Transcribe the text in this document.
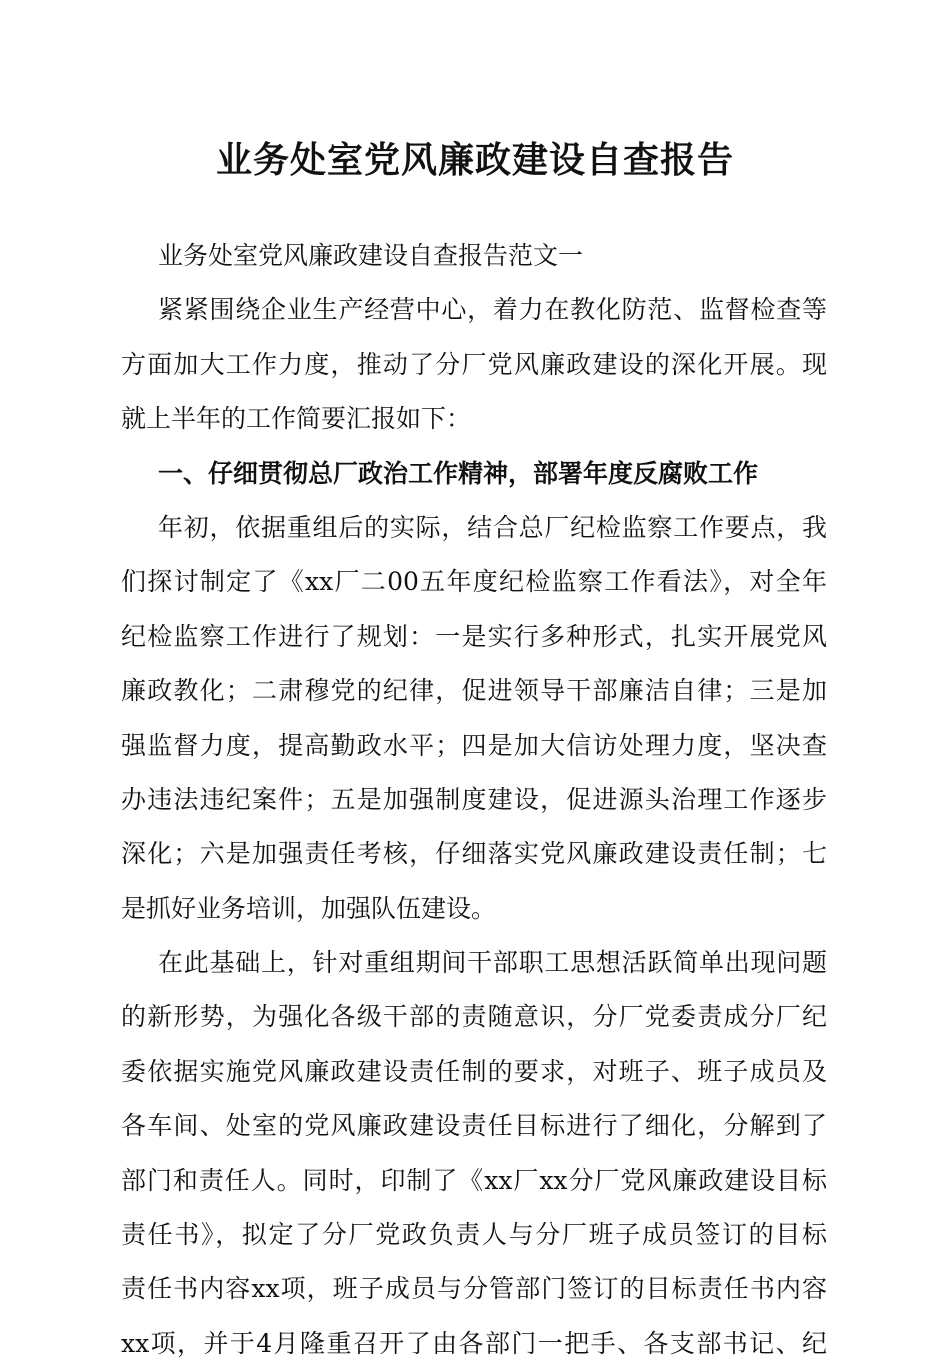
业务处室党风廉政建设自查报告
业务处室党风廉政建设自查报告范文一
紧紧围绕企业生产经营中心，着力在教化防范、监督检查等
方面加大工作力度，推动了分厂党风廉政建设的深化开展。现
就上半年的工作简要汇报如下：
一、仔细贯彻总厂政治工作精神，部署年度反腐败工作
年初，依据重组后的实际，结合总厂纪检监察工作要点，我
们探讨制定了《xx厂二00五年度纪检监察工作看法》，对全年
纪检监察工作进行了规划：一是实行多种形式，扎实开展党风
廉政教化；二肃穆党的纪律，促进领导干部廉洁自律；三是加
强监督力度，提高勤政水平；四是加大信访处理力度，坚决查
办违法违纪案件；五是加强制度建设，促进源头治理工作逐步
深化；六是加强责任考核，仔细落实党风廉政建设责任制；七
是抓好业务培训，加强队伍建设。
在此基础上，针对重组期间干部职工思想活跃简单出现问题
的新形势，为强化各级干部的责随意识，分厂党委责成分厂纪
委依据实施党风廉政建设责任制的要求，对班子、班子成员及
各车间、处室的党风廉政建设责任目标进行了细化，分解到了
部门和责任人。同时，印制了《xx厂xx分厂党风廉政建设目标
责任书》，拟定了分厂党政负责人与分厂班子成员签订的目标
责任书内容xx项，班子成员与分管部门签订的目标责任书内容
xx项，并于4月隆重召开了由各部门一把手、各支部书记、纪
